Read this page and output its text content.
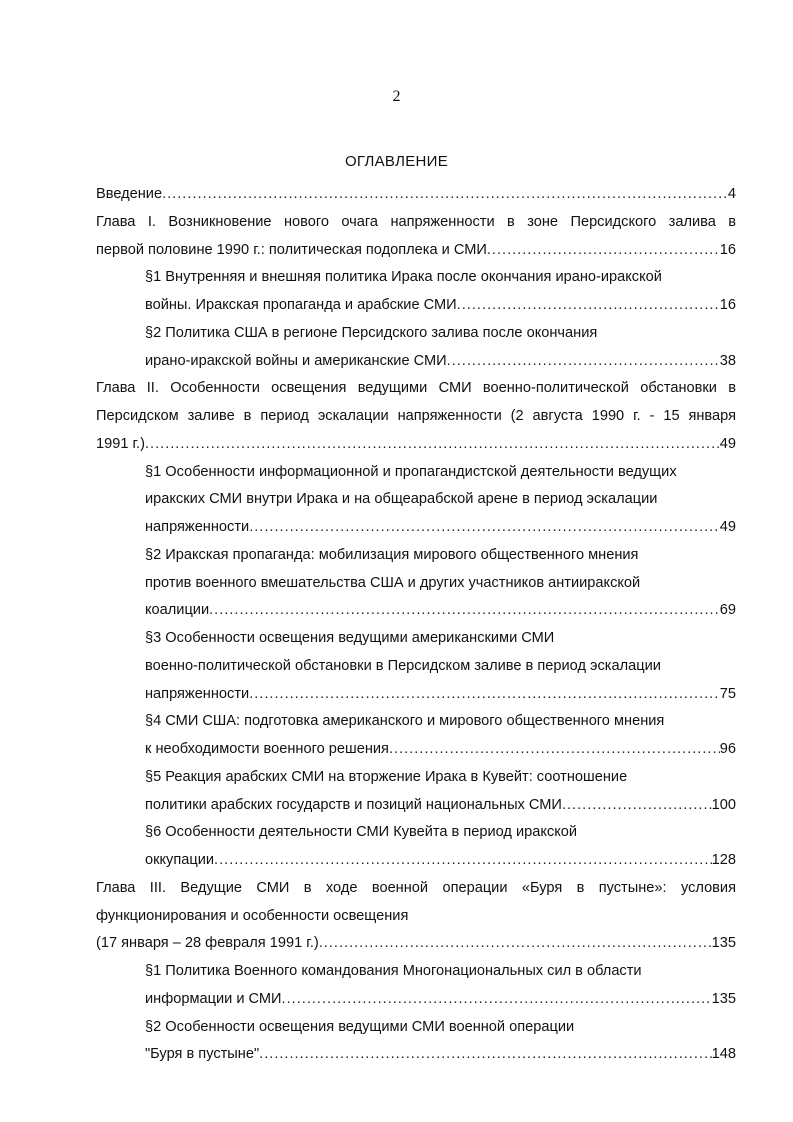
2
ОГЛАВЛЕНИЕ
Введение .....	4
Глава I. Возникновение нового очага напряженности в зоне Персидского залива в
первой половине 1990 г.: политическая подоплека и СМИ .....	16
§1 Внутренняя и внешняя политика Ирака после окончания ирано-иракской
войны. Иракская пропаганда и арабские СМИ .....	16
§2 Политика США в регионе Персидского залива после окончания
ирано-иракской войны и американские СМИ .....	38
Глава II. Особенности освещения ведущими СМИ военно-политической обстановки в
Персидском заливе в период эскалации напряженности (2 августа 1990 г. - 15 января
1991 г.) .....	49
§1 Особенности информационной и пропагандистской деятельности ведущих
иракских СМИ внутри Ирака и на общеарабской арене в период эскалации
напряженности .....	49
§2 Иракская пропаганда: мобилизация мирового общественного мнения
против военного вмешательства США и других участников антииракской
коалиции .....	69
§3 Особенности освещения ведущими американскими СМИ
военно-политической обстановки в Персидском заливе в период эскалации
напряженности .....	75
§4 СМИ США: подготовка американского и мирового общественного мнения
к необходимости военного решения .....	96
§5 Реакция арабских СМИ на вторжение Ирака в Кувейт: соотношение
политики арабских государств и позиций национальных СМИ .....	100
§6 Особенности деятельности СМИ Кувейта в период иракской
оккупации .....	128
Глава III. Ведущие СМИ в ходе военной операции «Буря в пустыне»: условия
функционирования и особенности освещения
(17 января – 28 февраля 1991 г.) .....	135
§1 Политика Военного командования Многонациональных сил в области
информации и СМИ .....	135
§2 Особенности освещения ведущими СМИ военной операции
"Буря в пустыне" .....	148
